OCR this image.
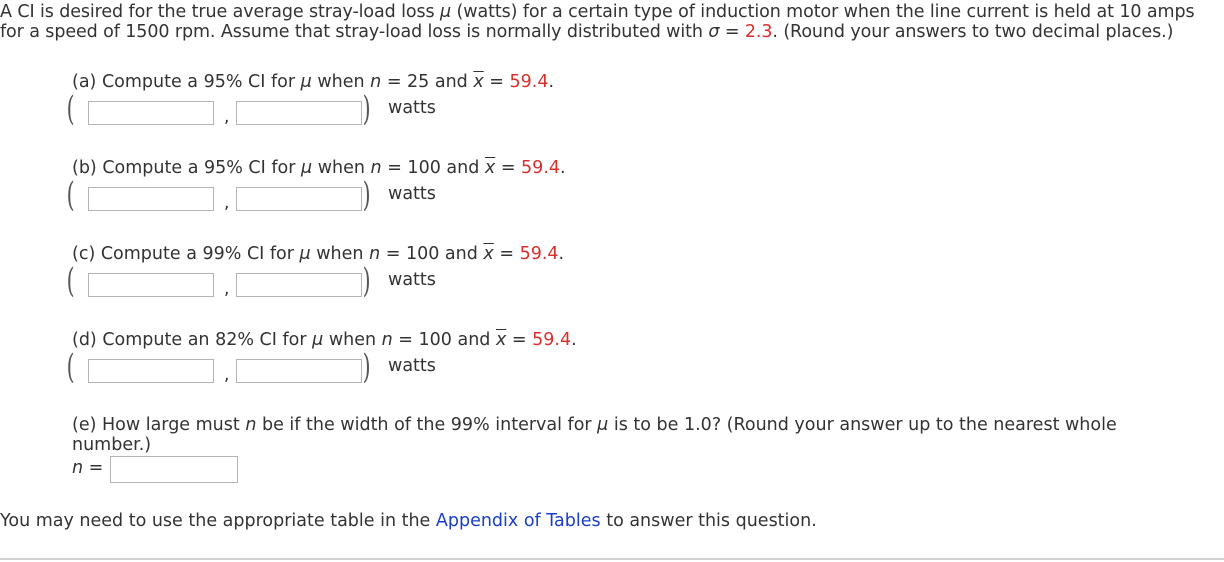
A CI is desired for the true average stray-load loss μ (watts) for a certain type of induction motor when the line current is held at 10 amps for a speed of 1500 rpm. Assume that stray-load loss is normally distributed with σ = 2.3. (Round your answers to two decimal places.)
(a) Compute a 95% CI for μ when n = 25 and $\overline{x} = 59.4$.
(	,	) watts
(b) Compute a 95% CI for μ when n = 100 and $\overline{x} = 59.4$.
(	,	) watts
(c) Compute a 99% CI for μ when n = 100 and $\overline{x} = 59.4$.
(	,	) watts
(d) Compute an 82% CI for μ when n = 100 and $\overline{x} = 59.4$.
(	,	) watts
(e) How large must n be if the width of the 99% interval for μ is to be 1.0? (Round your answer up to the nearest whole number.)
n =
You may need to use the appropriate table in the Appendix of Tables to answer this question.
